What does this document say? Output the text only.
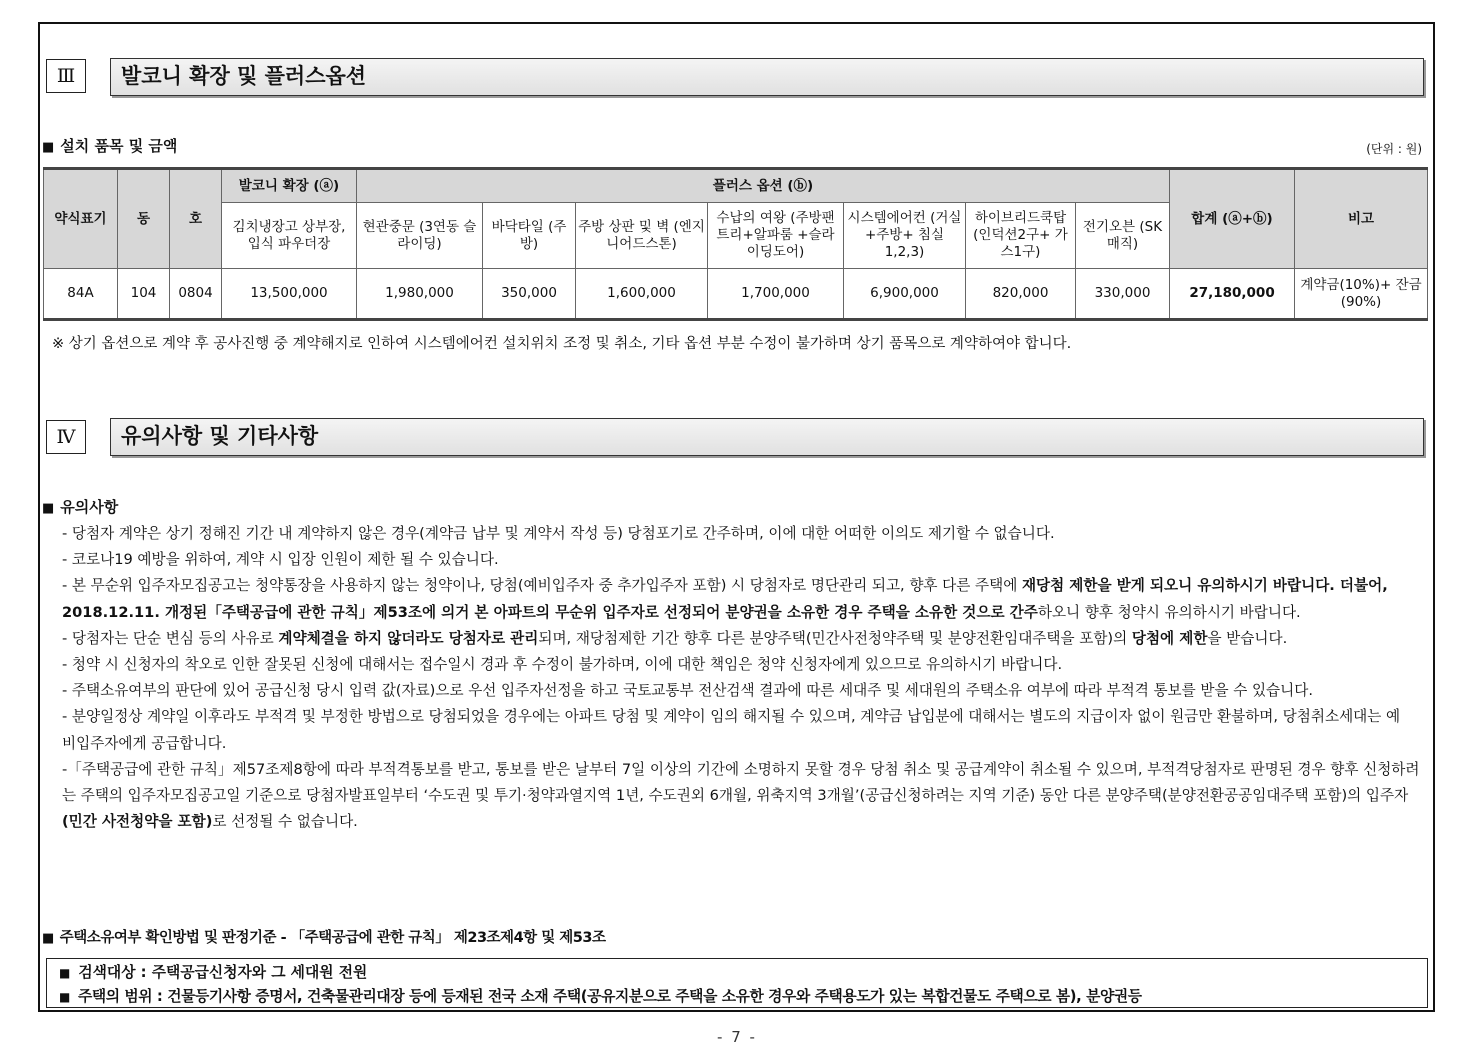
Ⅲ	발코니 확장 및 플러스옵션
■ 설치 품목 및 금액	(단위 : 원)
약식표기	동	호	발코니 확장 (ⓐ)	플러스 옵션 (ⓑ)							합계 (ⓐ+ⓑ)	비고
			김치냉장고 상부장, 입식 파우더장	현관중문 (3연동 슬라이딩)	바닥타일 (주방)	주방 상판 및 벽 (엔지니어드스톤)	수납의 여왕 (주방팬트리+알파룸 +슬라이딩도어)	시스템에어컨 (거실+주방+ 침실1,2,3)	하이브리드쿡탑 (인덕션2구+ 가스1구)	전기오븐 (SK매직)		
84A	104	0804	13,500,000	1,980,000	350,000	1,600,000	1,700,000	6,900,000	820,000	330,000	27,180,000	계약금(10%)+ 잔금(90%)
※ 상기 옵션으로 계약 후 공사진행 중 계약해지로 인하여 시스템에어컨 설치위치 조정 및 취소, 기타 옵션 부분 수정이 불가하며 상기 품목으로 계약하여야 합니다.
Ⅳ	유의사항 및 기타사항
■ 유의사항

- 당첨자 계약은 상기 정해진 기간 내 계약하지 않은 경우(계약금 납부 및 계약서 작성 등) 당첨포기로 간주하며, 이에 대한 어떠한 이의도 제기할 수 없습니다.

- 코로나19 예방을 위하여, 계약 시 입장 인원이 제한 될 수 있습니다.

- 본 무순위 입주자모집공고는 청약통장을 사용하지 않는 청약이나, 당첨(예비입주자 중 추가입주자 포함) 시 당첨자로 명단관리 되고, 향후 다른 주택에 재당첨 제한을 받게 되오니 유의하시기 바랍니다. 더불어, 2018.12.11. 개정된「주택공급에 관한 규칙」제53조에 의거 본 아파트의 무순위 입주자로 선정되어 분양권을 소유한 경우 주택을 소유한 것으로 간주하오니 향후 청약시 유의하시기 바랍니다.

- 당첨자는 단순 변심 등의 사유로 계약체결을 하지 않더라도 당첨자로 관리되며, 재당첨제한 기간 향후 다른 분양주택(민간사전청약주택 및 분양전환임대주택을 포함)의 당첨에 제한을 받습니다.

- 청약 시 신청자의 착오로 인한 잘못된 신청에 대해서는 접수일시 경과 후 수정이 불가하며, 이에 대한 책임은 청약 신청자에게 있으므로 유의하시기 바랍니다.

- 주택소유여부의 판단에 있어 공급신청 당시 입력 값(자료)으로 우선 입주자선정을 하고 국토교통부 전산검색 결과에 따른 세대주 및 세대원의 주택소유 여부에 따라 부적격 통보를 받을 수 있습니다.

- 분양일정상 계약일 이후라도 부적격 및 부정한 방법으로 당첨되었을 경우에는 아파트 당첨 및 계약이 임의 해지될 수 있으며, 계약금 납입분에 대해서는 별도의 지급이자 없이 원금만 환불하며, 당첨취소세대는 예비입주자에게 공급합니다.

-「주택공급에 관한 규칙」제57조제8항에 따라 부적격통보를 받고, 통보를 받은 날부터 7일 이상의 기간에 소명하지 못할 경우 당첨 취소 및 공급계약이 취소될 수 있으며, 부적격당첨자로 판명된 경우 향후 신청하려는 주택의 입주자모집공고일 기준으로 당첨자발표일부터 ‘수도권 및 투기·청약과열지역 1년, 수도권외 6개월, 위축지역 3개월’(공급신청하려는 지역 기준) 동안 다른 분양주택(분양전환공공임대주택 포함)의 입주자(민간 사전청약을 포함)로 선정될 수 없습니다.

■ 주택소유여부 확인방법 및 판정기준 - 「주택공급에 관한 규칙」 제23조제4항 및 제53조
■ 검색대상 : 주택공급신청자와 그 세대원 전원
■ 주택의 범위 : 건물등기사항 증명서, 건축물관리대장 등에 등재된 전국 소재 주택(공유지분으로 주택을 소유한 경우와 주택용도가 있는 복합건물도 주택으로 봄), 분양권등
- 7 -
